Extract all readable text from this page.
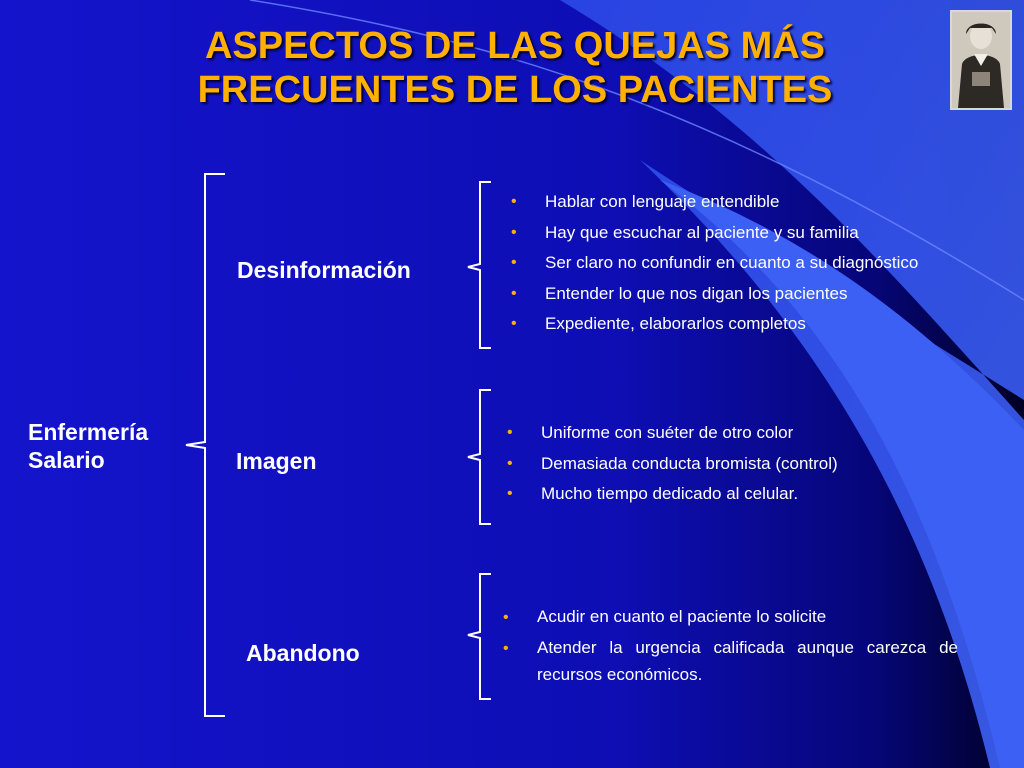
ASPECTOS DE LAS QUEJAS MÁS
FRECUENTES DE LOS PACIENTES
Enfermería
Salario
Desinformación
Imagen
Abandono
• Hablar con lenguaje entendible
• Hay que escuchar al paciente y su familia
• Ser claro no confundir en cuanto a su diagnóstico
• Entender lo que nos digan los pacientes
• Expediente, elaborarlos completos
• Uniforme con suéter de otro color
• Demasiada conducta bromista (control)
• Mucho tiempo dedicado al celular.
• Acudir en cuanto el paciente lo solicite
• Atender la urgencia calificada aunque carezca de recursos económicos.
